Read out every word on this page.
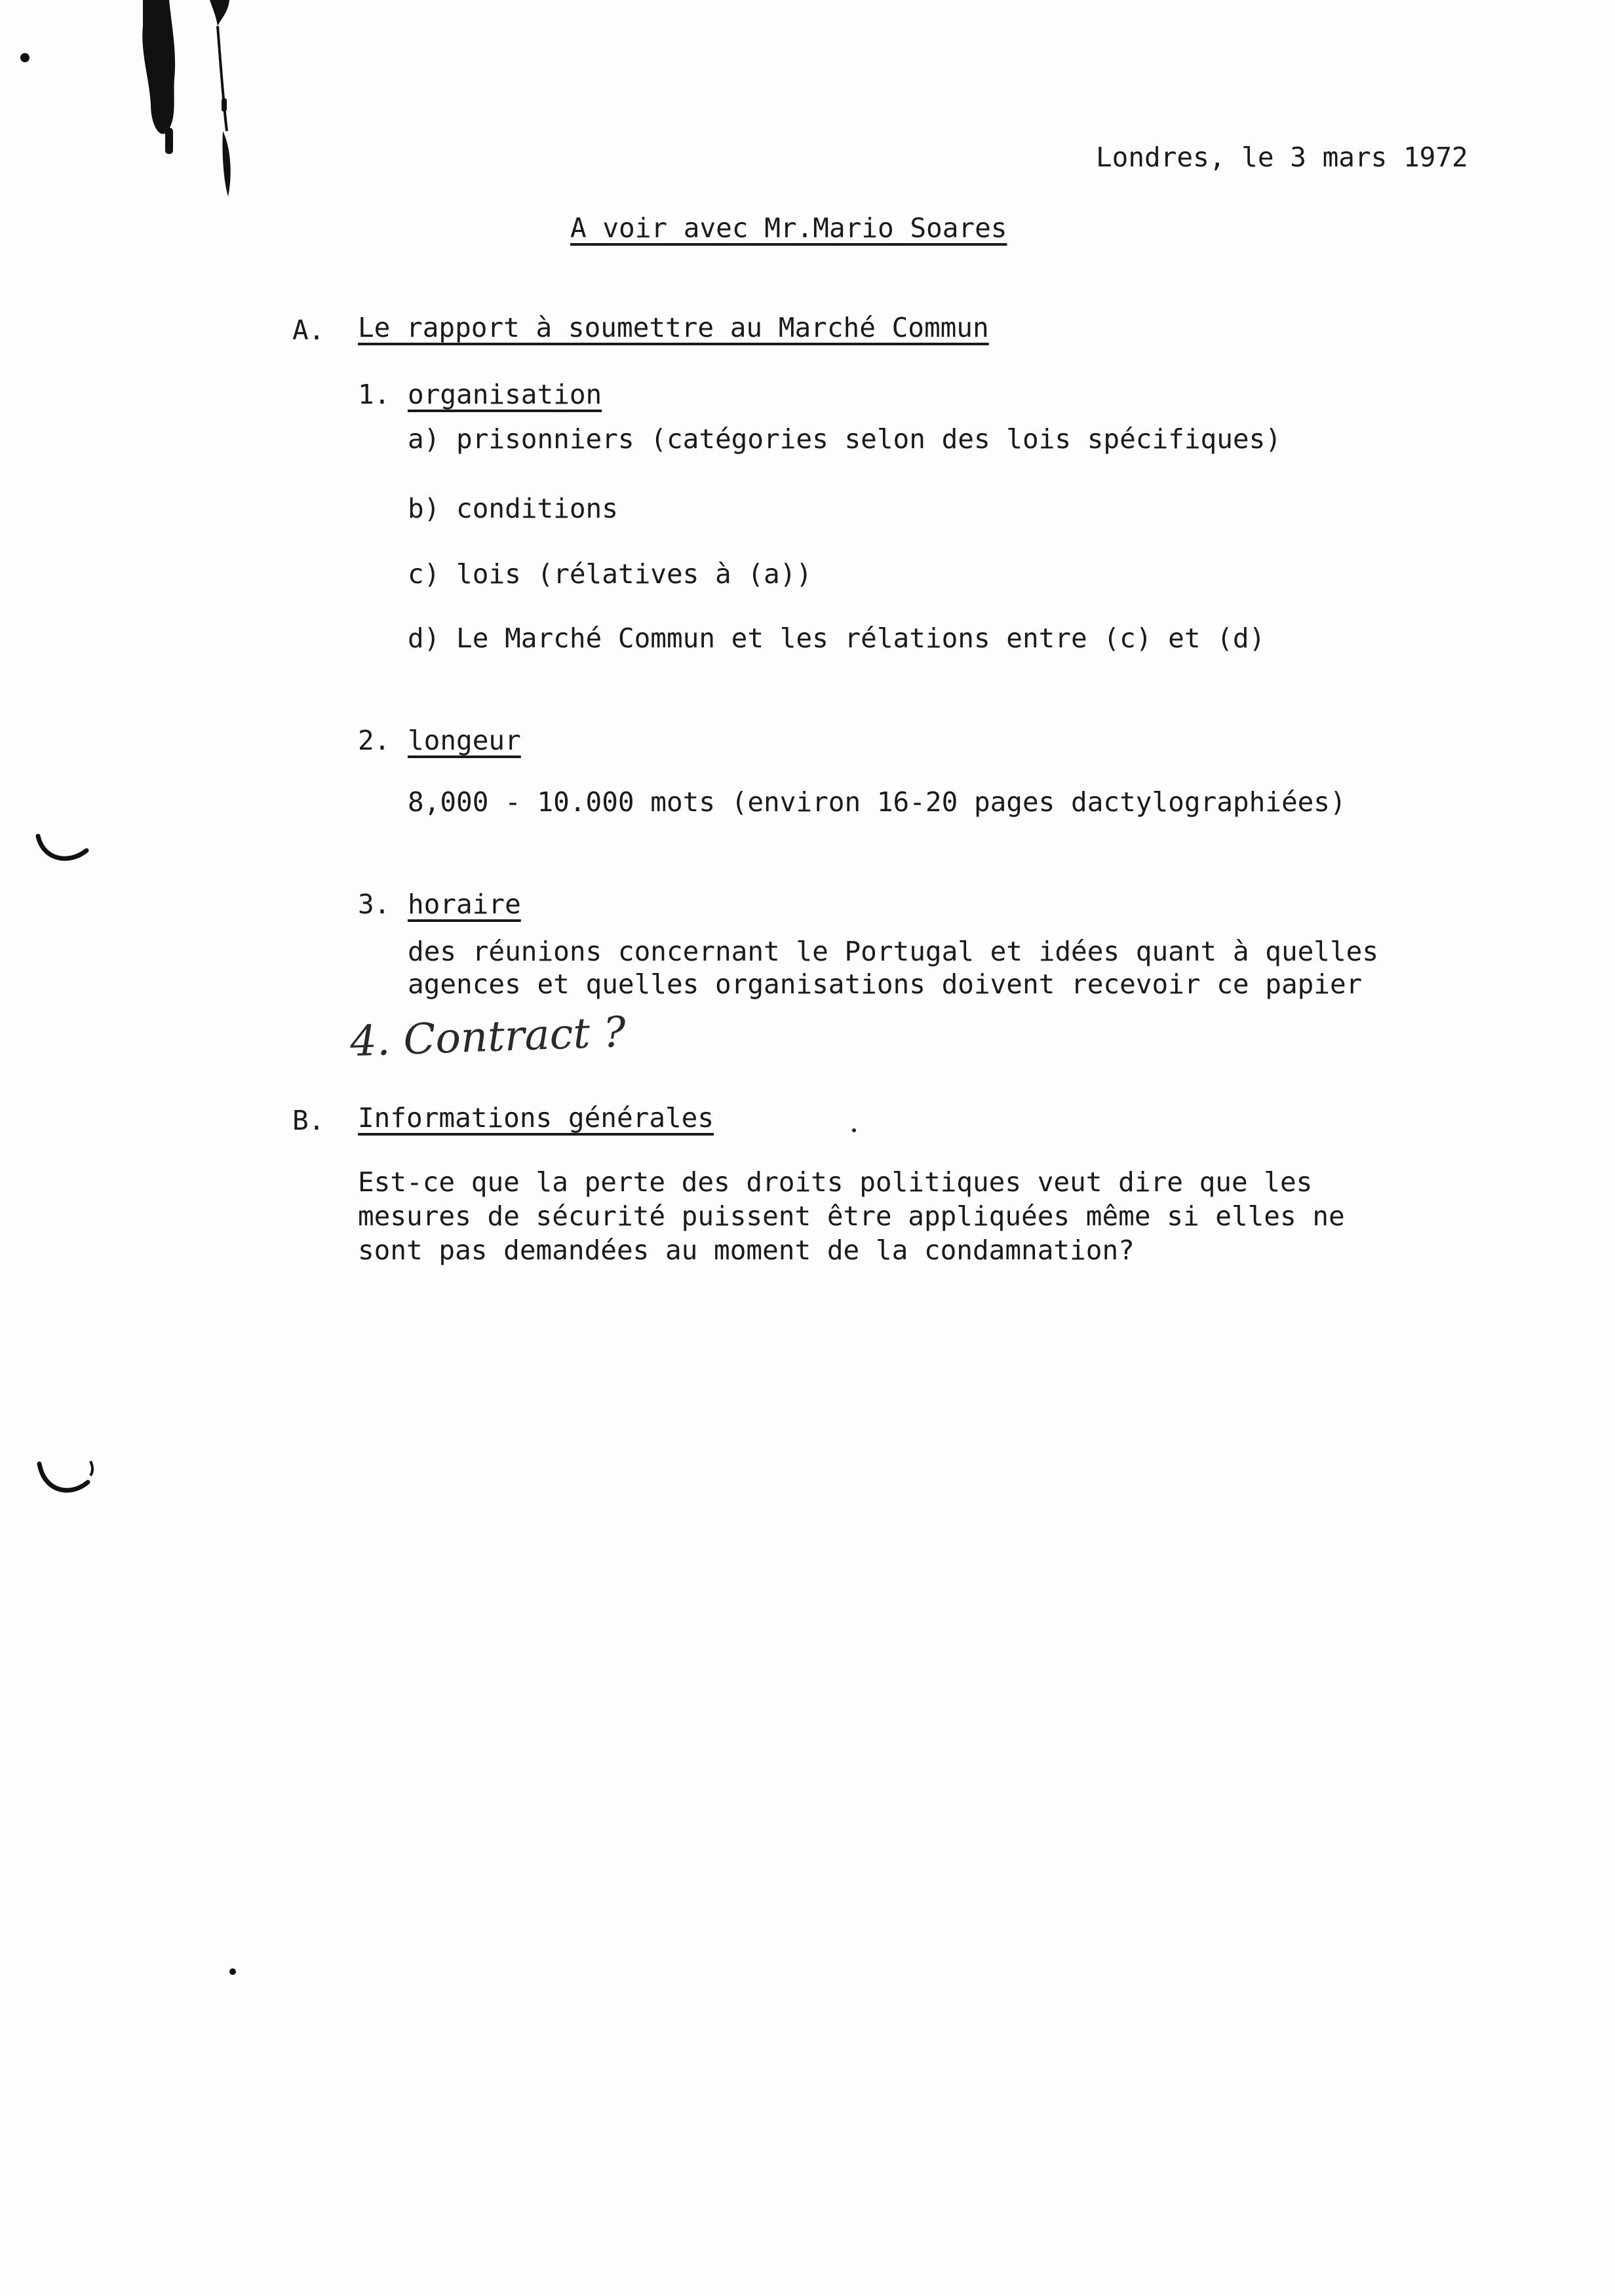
Londres, le 3 mars 1972
A voir avec Mr.Mario Soares
A. Le rapport à soumettre au Marché Commun
1. organisation
a) prisonniers (catégories selon des lois spécifiques)
b) conditions
c) lois (rélatives à (a))
d) Le Marché Commun et les rélations entre (c) et (d)
2. longeur
8,000 - 10.000 mots (environ 16-20 pages dactylographiées)
3. horaire
des réunions concernant le Portugal et idées quant à quelles
agences et quelles organisations doivent recevoir ce papier
4. Contract ?
B. Informations générales
Est-ce que la perte des droits politiques veut dire que les
mesures de sécurité puissent être appliquées même si elles ne
sont pas demandées au moment de la condamnation?
